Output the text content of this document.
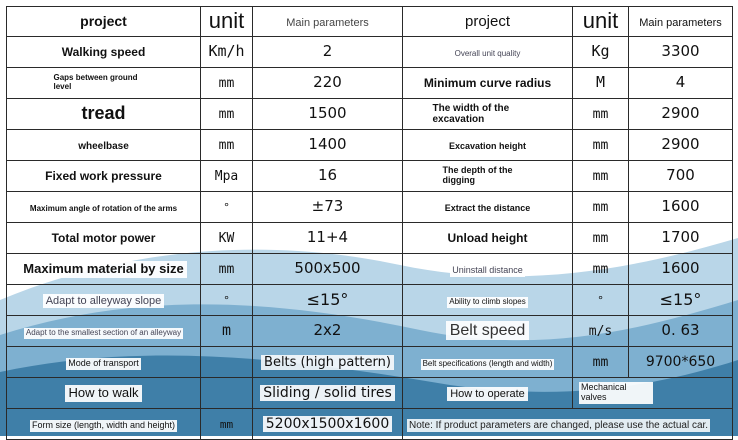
project	unit	Main parameters	project	unit	Main parameters
Walking speed	Km/h	2	Overall unit quality	Kg	3300
Gaps between ground level	mm	220	Minimum curve radius	M	4
tread	mm	1500	The width of the excavation	mm	2900
wheelbase	mm	1400	Excavation height	mm	2900
Fixed work pressure	Mpa	16	The depth of the digging	mm	700
Maximum angle of rotation of the arms	°	±73	Extract the distance	mm	1600
Total motor power	KW	11+4	Unload height	mm	1700
Maximum material by size	mm	500x500	Uninstall distance	mm	1600
Adapt to alleyway slope	°	≤15°	Ability to climb slopes	°	≤15°
Adapt to the smallest section of an alleyway	m	2x2	Belt speed	m/s	0. 63
Mode of transport		Belts (high pattern)	Belt specifications (length and width)	mm	9700*650
How to walk		Sliding / solid tires	How to operate	Mechanical valves	
Form size (length, width and height)	mm	5200x1500x1600	Note: If product parameters are changed, please use the actual car.		
